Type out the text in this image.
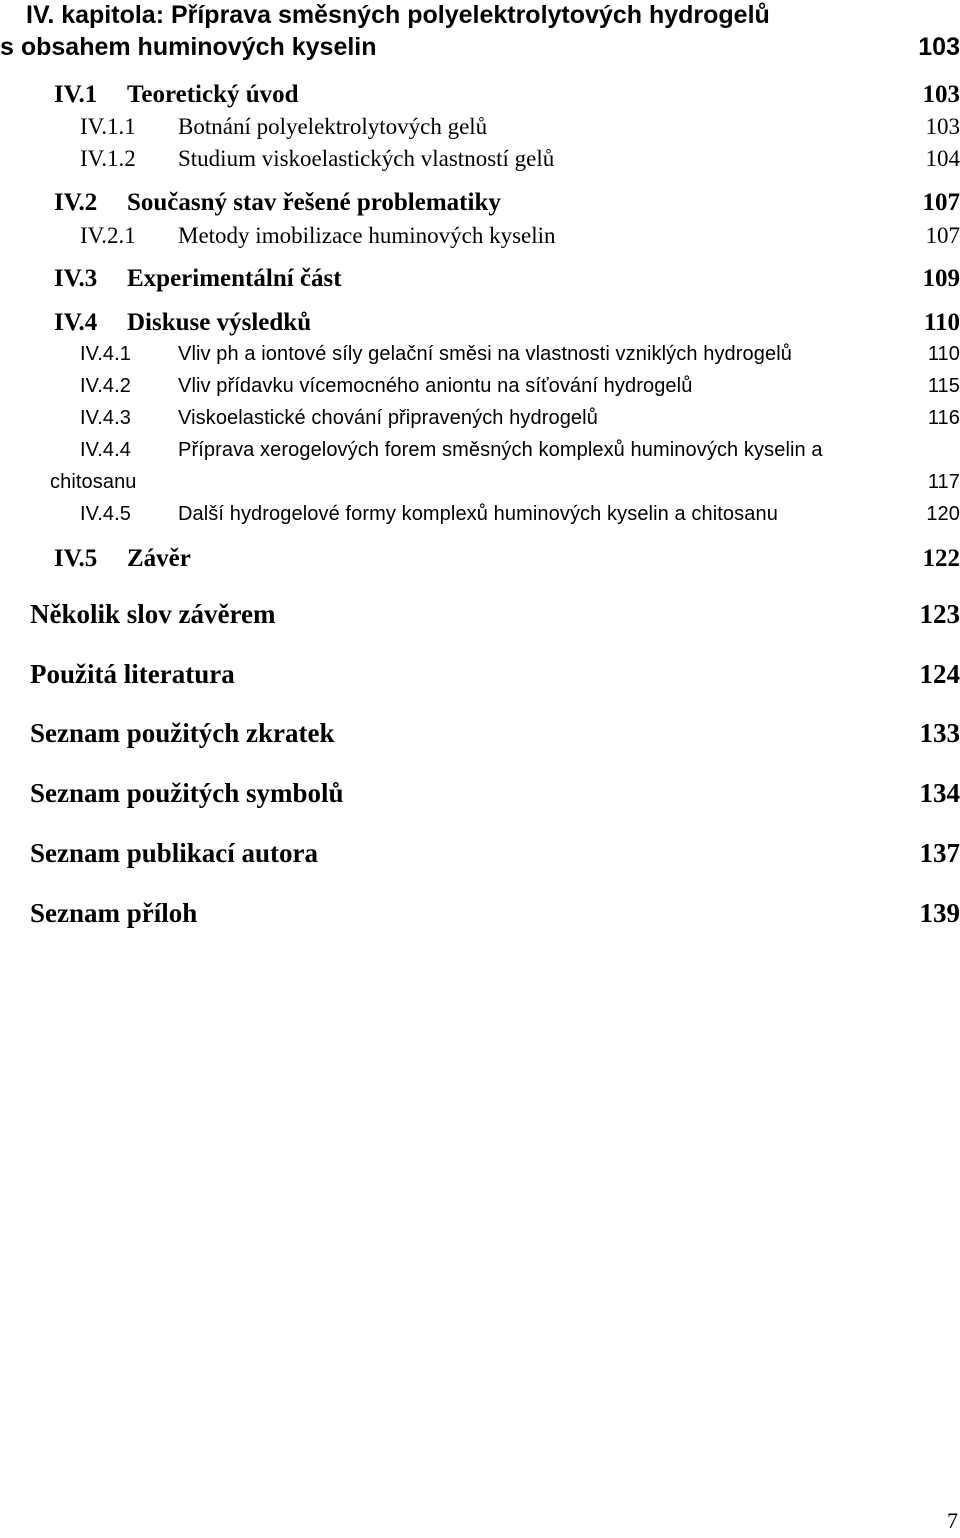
IV. kapitola: Příprava směsných polyelektrolytových hydrogelů
s obsahem huminových kyselin	103
IV.1 Teoretický úvod	103
IV.1.1 Botnání polyelektrolytových gelů	103
IV.1.2 Studium viskoelastických vlastností gelů	104
IV.2 Současný stav řešené problematiky	107
IV.2.1 Metody imobilizace huminových kyselin	107
IV.3 Experimentální část	109
IV.4 Diskuse výsledků	110
IV.4.1 Vliv ph a iontové síly gelační směsi na vlastnosti vzniklých hydrogelů	110
IV.4.2 Vliv přídavku vícemocného aniontu na síťování hydrogelů	115
IV.4.3 Viskoelastické chování připravených hydrogelů	116
IV.4.4 Příprava xerogelových forem směsných komplexů huminových kyselin a
chitosanu	117
IV.4.5 Další hydrogelové formy komplexů huminových kyselin a chitosanu	120
IV.5 Závěr	122
Několik slov závěrem	123
Použitá literatura	124
Seznam použitých zkratek	133
Seznam použitých symbolů	134
Seznam publikací autora	137
Seznam příloh	139
7
